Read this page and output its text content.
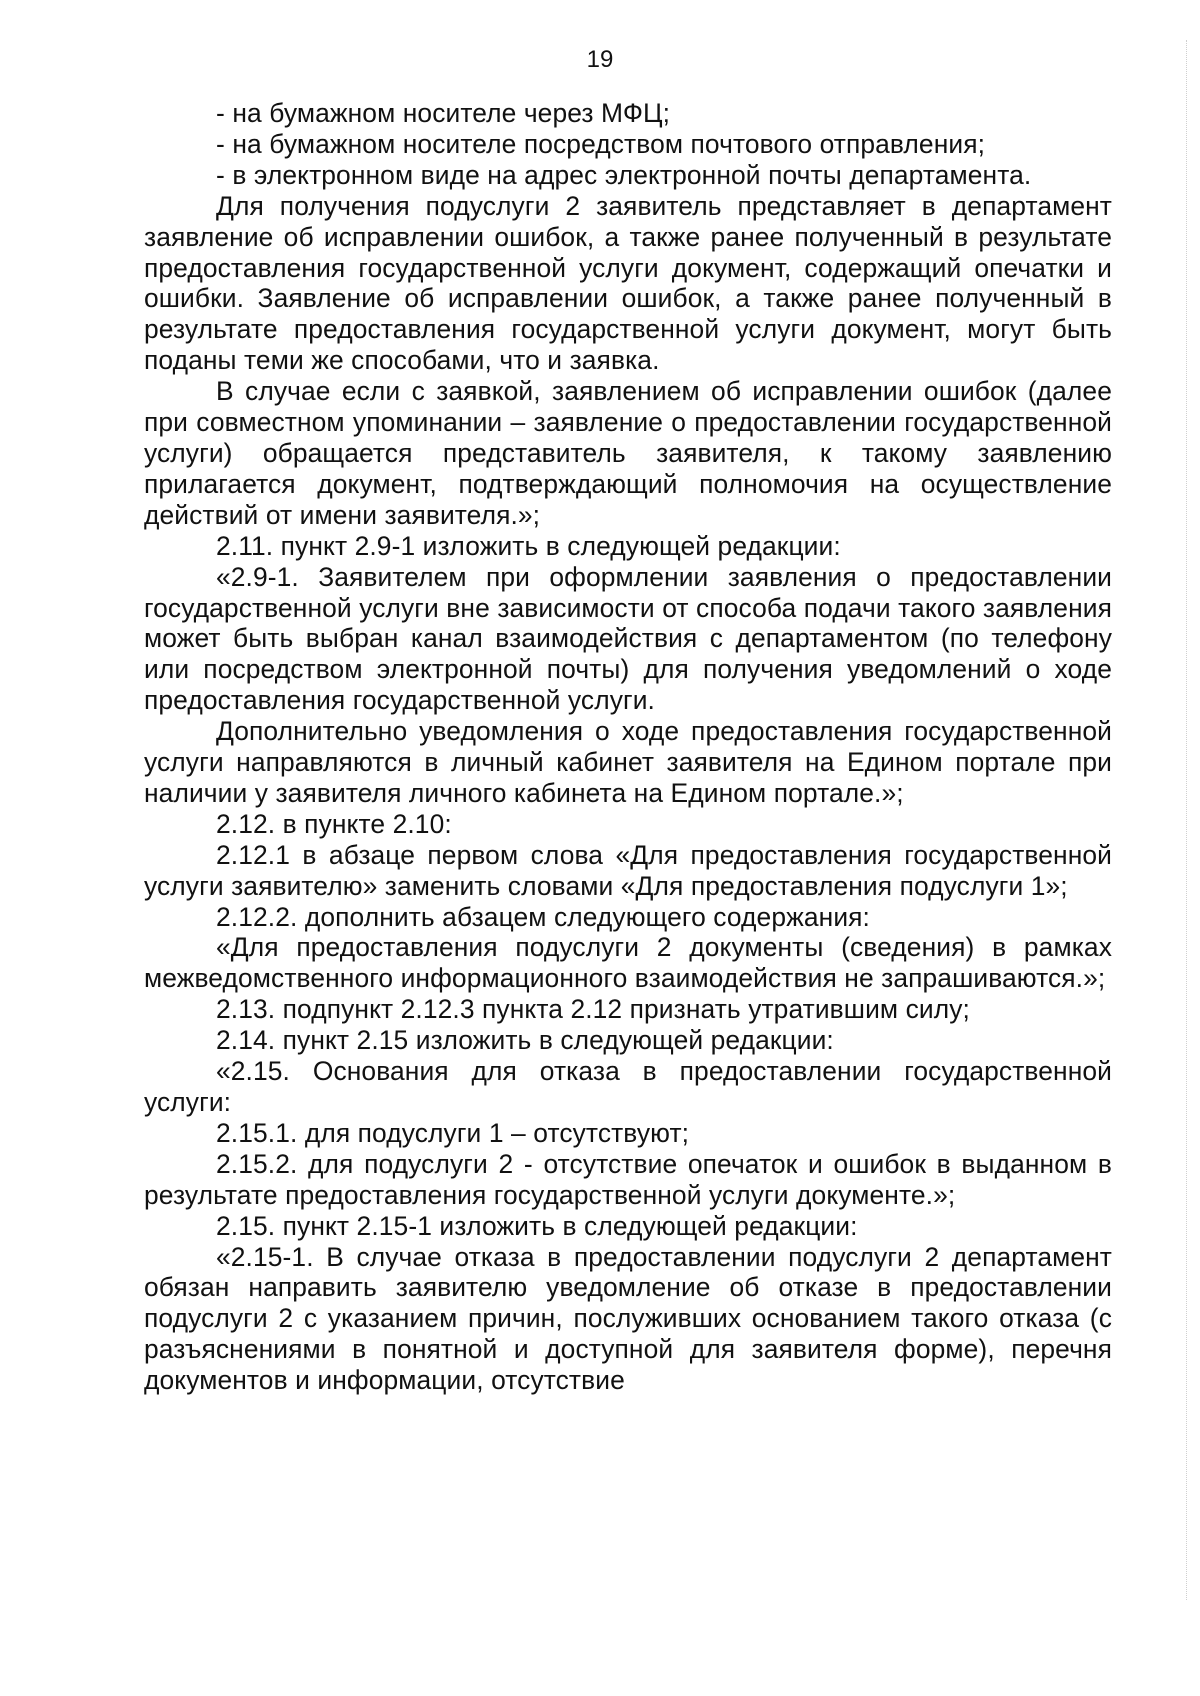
19

- на бумажном носителе через МФЦ;

- на бумажном носителе посредством почтового отправления;

- в электронном виде на адрес электронной почты департамента.

Для получения подуслуги 2 заявитель представляет в департамент заявление об исправлении ошибок, а также ранее полученный в результате предоставления государственной услуги документ, содержащий опечатки и ошибки. Заявление об исправлении ошибок, а также ранее полученный в результате предоставления государственной услуги документ, могут быть поданы теми же способами, что и заявка.

В случае если с заявкой, заявлением об исправлении ошибок (далее при совместном упоминании – заявление о предоставлении государственной услуги) обращается представитель заявителя, к такому заявлению прилагается документ, подтверждающий полномочия на осуществление действий от имени заявителя.»;

2.11. пункт 2.9-1 изложить в следующей редакции:

«2.9-1. Заявителем при оформлении заявления о предоставлении государственной услуги вне зависимости от способа подачи такого заявления может быть выбран канал взаимодействия с департаментом (по телефону или посредством электронной почты) для получения уведомлений о ходе предоставления государственной услуги.

Дополнительно уведомления о ходе предоставления государственной услуги направляются в личный кабинет заявителя на Едином портале при наличии у заявителя личного кабинета на Едином портале.»;

2.12. в пункте 2.10:

2.12.1 в абзаце первом слова «Для предоставления государственной услуги заявителю» заменить словами «Для предоставления подуслуги 1»;

2.12.2. дополнить абзацем следующего содержания:

«Для предоставления подуслуги 2 документы (сведения) в рамках межведомственного информационного взаимодействия не запрашиваются.»;

2.13. подпункт 2.12.3 пункта 2.12 признать утратившим силу;

2.14. пункт 2.15 изложить в следующей редакции:

«2.15. Основания для отказа в предоставлении государственной услуги:

2.15.1. для подуслуги 1 – отсутствуют;

2.15.2. для подуслуги 2 - отсутствие опечаток и ошибок в выданном в результате предоставления государственной услуги документе.»;

2.15. пункт 2.15-1 изложить в следующей редакции:

«2.15-1. В случае отказа в предоставлении подуслуги 2 департамент обязан направить заявителю уведомление об отказе в предоставлении подуслуги 2 с указанием причин, послуживших основанием такого отказа (с разъяснениями в понятной и доступной для заявителя форме), перечня документов и информации, отсутствие
